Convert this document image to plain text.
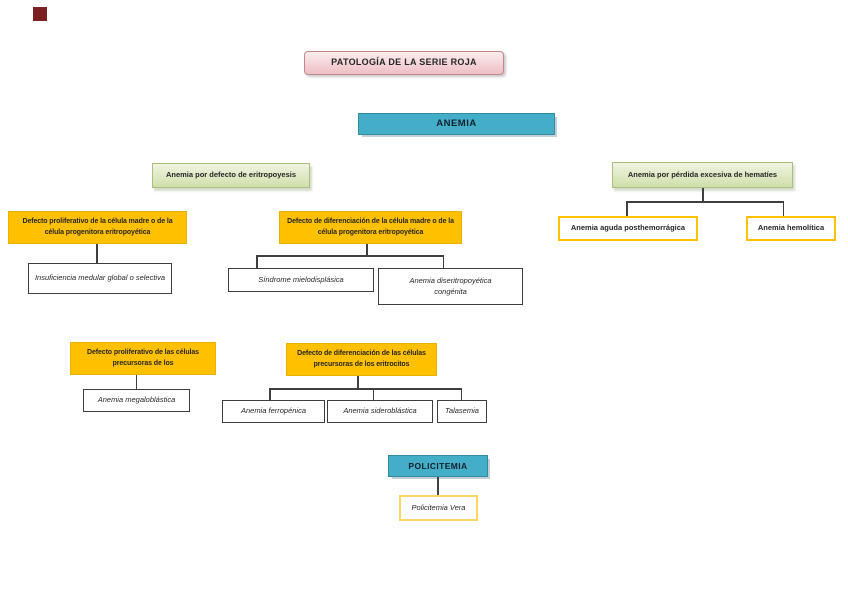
PATOLOGÍA DE LA SERIE ROJA
ANEMIA
Anemia por defecto de eritropoyesis	Anemia por pérdida excesiva de hematíes
Defecto proliferativo de la célula madre o de la célula progenitora eritropoyética
Insuficiencia medular global o selectiva
Defecto de diferenciación de la célula madre o de la célula progenitora eritropoyética
Síndrome mielodisplásica	Anemia diseritropoyética congénita
Anemia aguda posthemorrágica	Anemia hemolítica
Defecto proliferativo de las células precursoras de los
Anemia megaloblástica
Defecto de diferenciación de las células precursoras de los eritrocitos
Anemia ferropénica	Anemia sideroblástica	Talasemia
POLICITEMIA
Policitemia Vera
